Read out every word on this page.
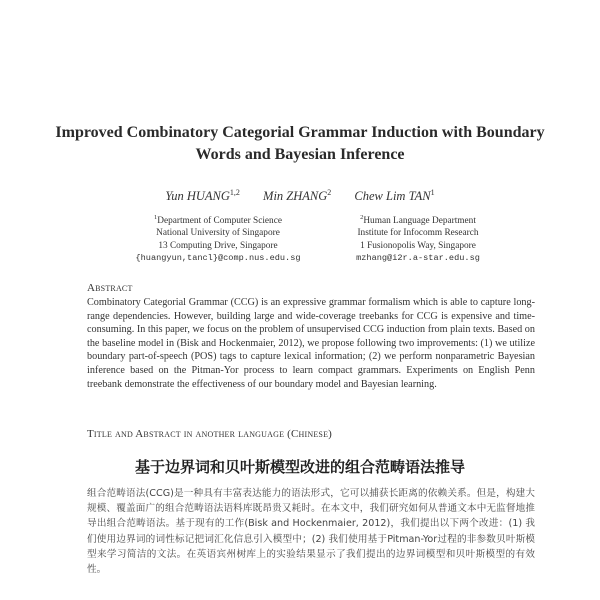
Improved Combinatory Categorial Grammar Induction with Boundary Words and Bayesian Inference
Yun HUANG$^{1,2}$ Min ZHANG$^2$ Chew Lim TAN$^1$
$^1$Department of Computer Science
National University of Singapore
13 Computing Drive, Singapore
{huangyun,tancl}@comp.nus.edu.sg
$^2$Human Language Department
Institute for Infocomm Research
1 Fusionopolis Way, Singapore
mzhang@i2r.a-star.edu.sg
Abstract
Combinatory Categorial Grammar (CCG) is an expressive grammar formalism which is able to capture long-range dependencies. However, building large and wide-coverage treebanks for CCG is expensive and time-consuming. In this paper, we focus on the problem of unsupervised CCG induction from plain texts. Based on the baseline model in (Bisk and Hockenmaier, 2012), we propose following two improvements: (1) we utilize boundary part-of-speech (POS) tags to capture lexical information; (2) we perform nonparametric Bayesian inference based on the Pitman-Yor process to learn compact grammars. Experiments on English Penn treebank demonstrate the effectiveness of our boundary model and Bayesian learning.
Title and Abstract in another language (Chinese)
基于边界词和贝叶斯模型改进的组合范畴语法推导
组合范畴语法(CCG)是一种具有丰富表达能力的语法形式，它可以捕获长距离的依赖关系。但是，构建大规模、覆盖面广的组合范畴语法语料库既昂贵又耗时。在本文中，我们研究如何从普通文本中无监督地推导出组合范畴语法。基于现有的工作(Bisk and Hockenmaier, 2012)，我们提出以下两个改进：(1) 我们使用边界词的词性标记把词汇化信息引入模型中；(2) 我们使用基于Pitman-Yor过程的非参数贝叶斯模型来学习简洁的文法。在英语宾州树库上的实验结果显示了我们提出的边界词模型和贝叶斯模型的有效性。
